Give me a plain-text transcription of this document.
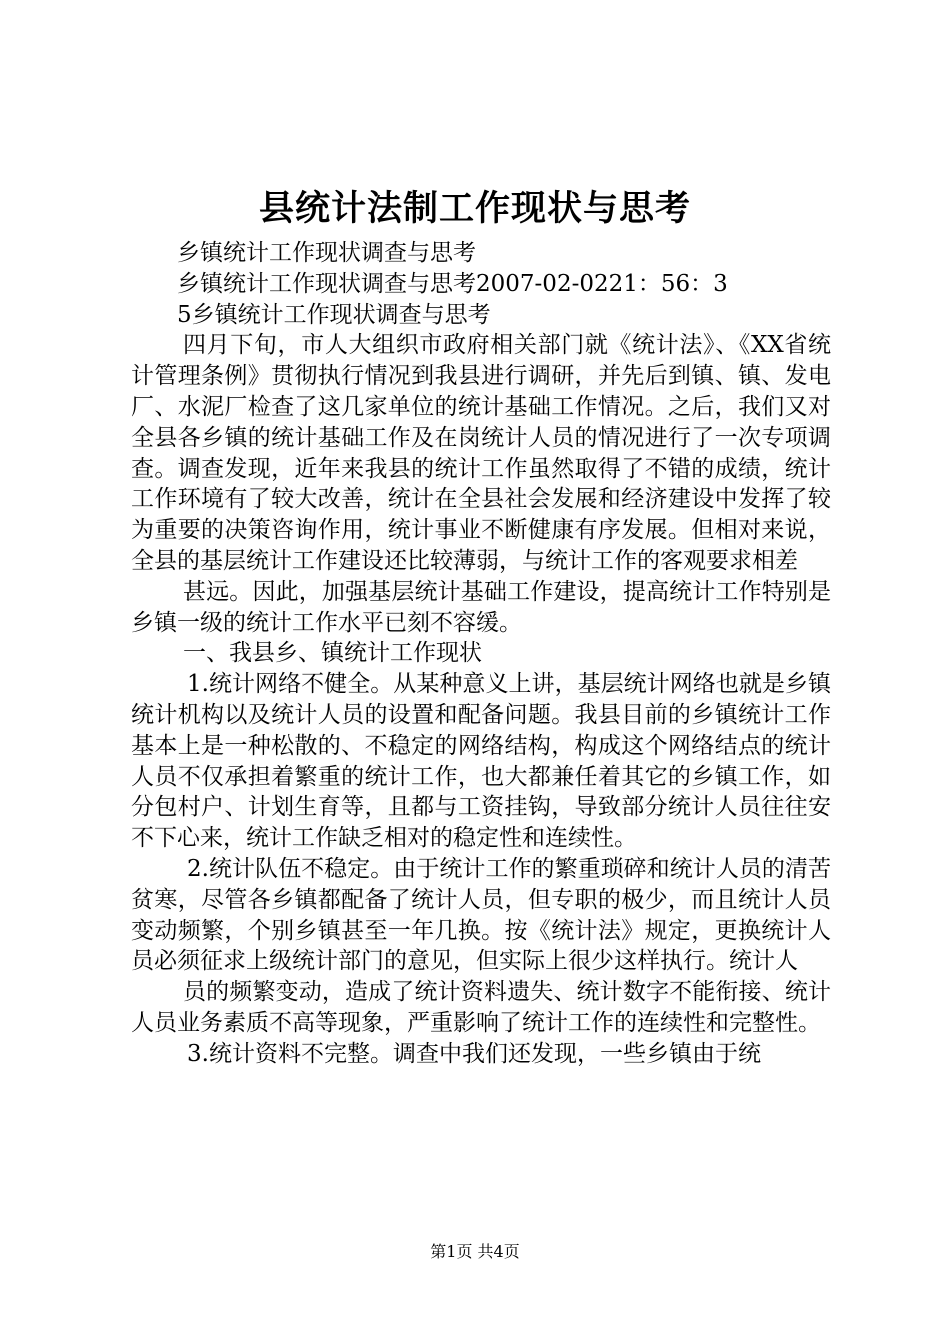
县统计法制工作现状与思考

乡镇统计工作现状调查与思考

乡镇统计工作现状调查与思考2007-02-0221：56：3

5乡镇统计工作现状调查与思考

四月下旬，市人大组织市政府相关部门就《统计法》、《XX省统计管理条例》贯彻执行情况到我县进行调研，并先后到镇、镇、发电厂、水泥厂检查了这几家单位的统计基础工作情况。之后，我们又对全县各乡镇的统计基础工作及在岗统计人员的情况进行了一次专项调查。调查发现，近年来我县的统计工作虽然取得了不错的成绩，统计工作环境有了较大改善，统计在全县社会发展和经济建设中发挥了较为重要的决策咨询作用，统计事业不断健康有序发展。但相对来说，全县的基层统计工作建设还比较薄弱，与统计工作的客观要求相差

甚远。因此，加强基层统计基础工作建设，提高统计工作特别是乡镇一级的统计工作水平已刻不容缓。

一、我县乡、镇统计工作现状

1.统计网络不健全。从某种意义上讲，基层统计网络也就是乡镇统计机构以及统计人员的设置和配备问题。我县目前的乡镇统计工作基本上是一种松散的、不稳定的网络结构，构成这个网络结点的统计人员不仅承担着繁重的统计工作，也大都兼任着其它的乡镇工作，如分包村户、计划生育等，且都与工资挂钩，导致部分统计人员往往安不下心来，统计工作缺乏相对的稳定性和连续性。

2.统计队伍不稳定。由于统计工作的繁重琐碎和统计人员的清苦贫寒，尽管各乡镇都配备了统计人员，但专职的极少，而且统计人员变动频繁，个别乡镇甚至一年几换。按《统计法》规定，更换统计人员必须征求上级统计部门的意见，但实际上很少这样执行。统计人

员的频繁变动，造成了统计资料遗失、统计数字不能衔接、统计人员业务素质不高等现象，严重影响了统计工作的连续性和完整性。

3.统计资料不完整。调查中我们还发现，一些乡镇由于统

第1页 共4页
